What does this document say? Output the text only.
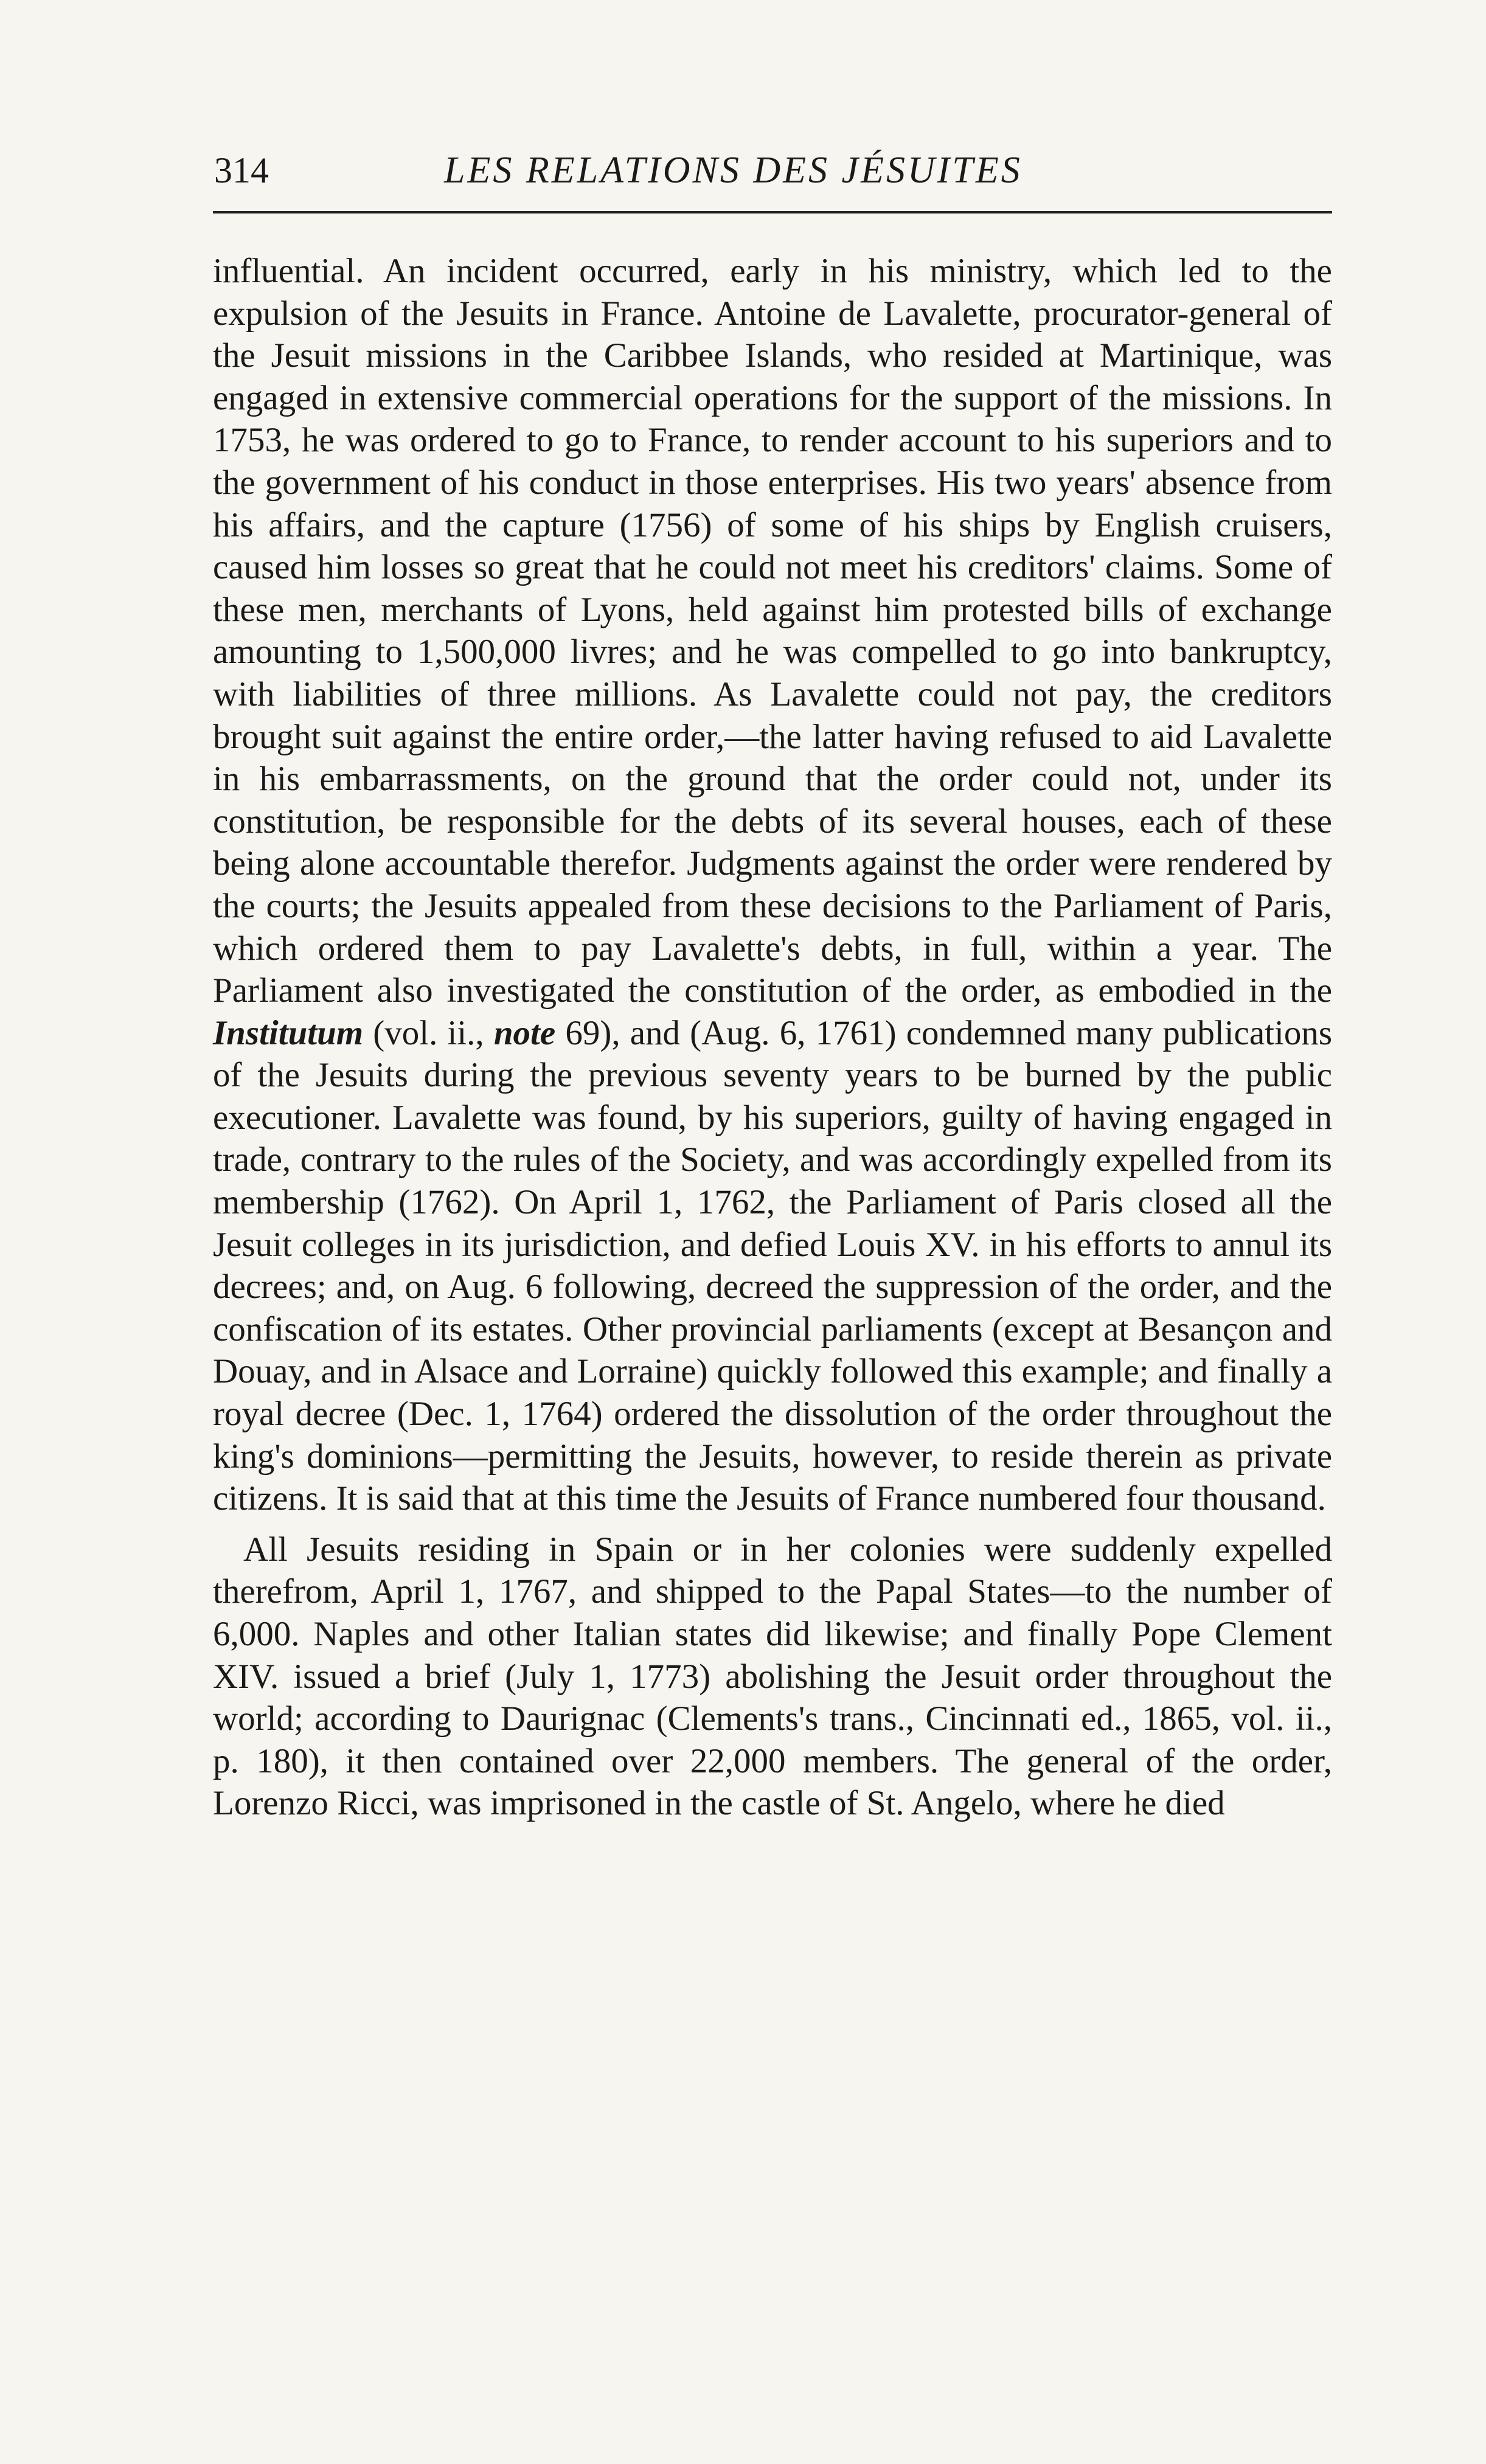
314	LES RELATIONS DES JÉSUITES

influential. An incident occurred, early in his ministry, which led to the expulsion of the Jesuits in France. Antoine de Lavalette, procurator-general of the Jesuit missions in the Caribbee Islands, who resided at Martinique, was engaged in extensive commercial operations for the support of the missions. In 1753, he was ordered to go to France, to render account to his superiors and to the government of his conduct in those enterprises. His two years' absence from his affairs, and the capture (1756) of some of his ships by English cruisers, caused him losses so great that he could not meet his creditors' claims. Some of these men, merchants of Lyons, held against him protested bills of exchange amounting to 1,500,000 livres; and he was compelled to go into bankruptcy, with liabilities of three millions. As Lavalette could not pay, the creditors brought suit against the entire order,—the latter having refused to aid Lavalette in his embarrassments, on the ground that the order could not, under its constitution, be responsible for the debts of its several houses, each of these being alone accountable therefor. Judgments against the order were rendered by the courts; the Jesuits appealed from these decisions to the Parliament of Paris, which ordered them to pay Lavalette's debts, in full, within a year. The Parliament also investigated the constitution of the order, as embodied in the Institutum (vol. ii., note 69), and (Aug. 6, 1761) condemned many publications of the Jesuits during the previous seventy years to be burned by the public executioner. Lavalette was found, by his superiors, guilty of having engaged in trade, contrary to the rules of the Society, and was accordingly expelled from its membership (1762). On April 1, 1762, the Parliament of Paris closed all the Jesuit colleges in its jurisdiction, and defied Louis XV. in his efforts to annul its decrees; and, on Aug. 6 following, decreed the suppression of the order, and the confiscation of its estates. Other provincial parliaments (except at Besançon and Douay, and in Alsace and Lorraine) quickly followed this example; and finally a royal decree (Dec. 1, 1764) ordered the dissolution of the order throughout the king's dominions—permitting the Jesuits, however, to reside therein as private citizens. It is said that at this time the Jesuits of France numbered four thousand.

All Jesuits residing in Spain or in her colonies were suddenly expelled therefrom, April 1, 1767, and shipped to the Papal States—to the number of 6,000. Naples and other Italian states did likewise; and finally Pope Clement XIV. issued a brief (July 1, 1773) abolishing the Jesuit order throughout the world; according to Daurignac (Clements's trans., Cincinnati ed., 1865, vol. ii., p. 180), it then contained over 22,000 members. The general of the order, Lorenzo Ricci, was imprisoned in the castle of St. Angelo, where he died
